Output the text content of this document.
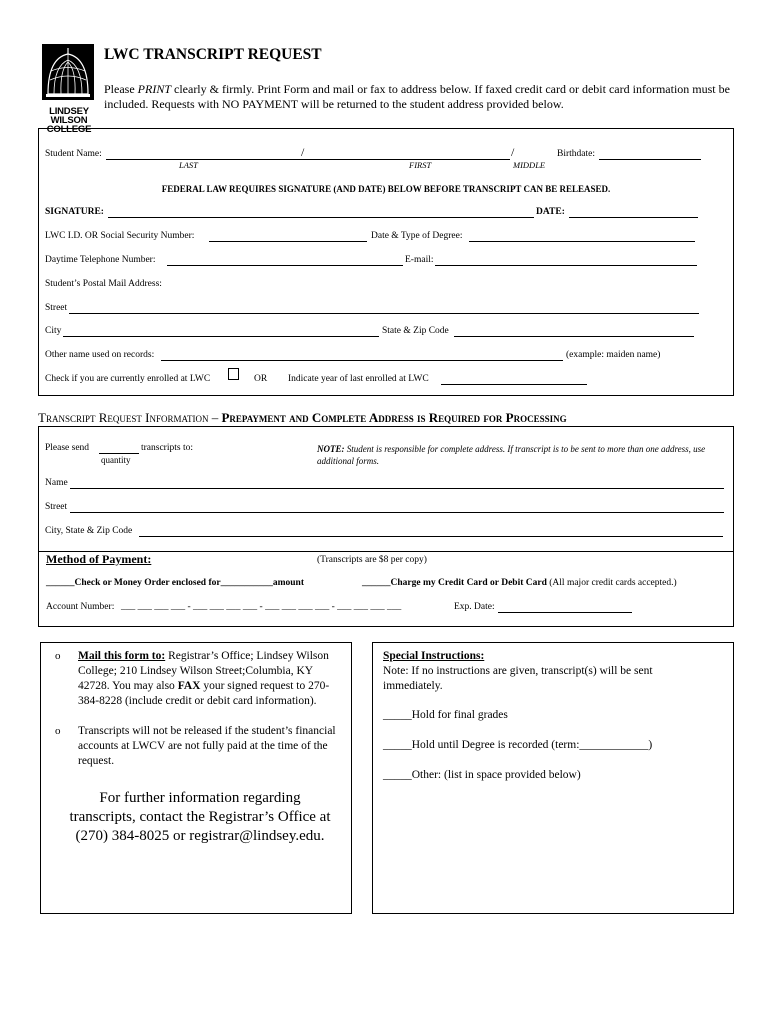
LINDSEY WILSON COLLEGE
LWC TRANSCRIPT REQUEST
Please PRINT clearly & firmly. Print Form and mail or fax to address below. If faxed credit card or debit card information must be included. Requests with NO PAYMENT will be returned to the student address provided below.
Student Name:	/	/	Birthdate:
LAST	FIRST	MIDDLE
FEDERAL LAW REQUIRES SIGNATURE (AND DATE) BELOW BEFORE TRANSCRIPT CAN BE RELEASED.
SIGNATURE:	DATE:
LWC I.D. OR Social Security Number:	Date & Type of Degree:
Daytime Telephone Number:	E-mail:
Student’s Postal Mail Address:
Street
City	State & Zip Code
Other name used on records:	(example: maiden name)
Check if you are currently enrolled at LWC	OR Indicate year of last enrolled at LWC
Transcript Request Information – Prepayment and Complete Address is Required for Processing
Please send	transcripts to:
quantity
NOTE: Student is responsible for complete address. If transcript is to be sent to more than one address, use additional forms.
Name
Street
City, State & Zip Code
Method of Payment:	(Transcripts are $8 per copy)
______Check or Money Order enclosed for___________amount	______Charge my Credit Card or Debit Card (All major credit cards accepted.)
Account Number: ___ ___ ___ ___ - ___ ___ ___ ___ - ___ ___ ___ ___ - ___ ___ ___ ___	Exp. Date:
o Mail this form to: Registrar’s Office; Lindsey Wilson College; 210 Lindsey Wilson Street;Columbia, KY 42728. You may also FAX your signed request to 270-384-8228 (include credit or debit card information).
o Transcripts will not be released if the student’s financial accounts at LWCV are not fully paid at the time of the request.
For further information regarding transcripts, contact the Registrar’s Office at (270) 384-8025 or registrar@lindsey.edu.
Special Instructions:
Note: If no instructions are given, transcript(s) will be sent immediately.
_____Hold for final grades
_____Hold until Degree is recorded (term:____________)
_____Other: (list in space provided below)
